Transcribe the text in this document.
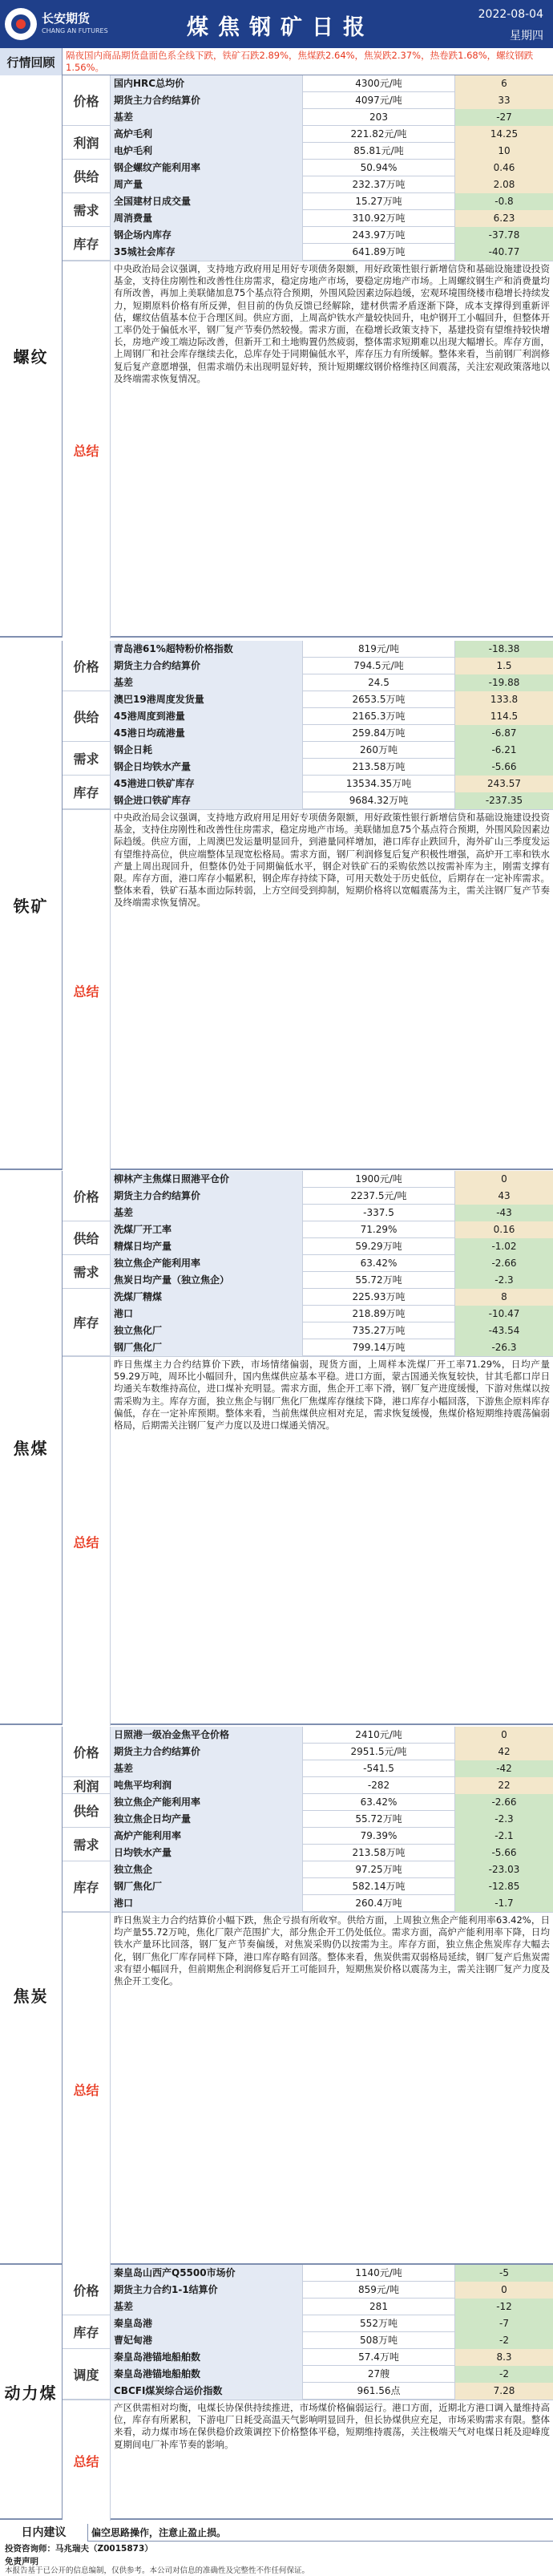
长安期货
CHANG AN FUTURES	煤焦钢矿日报
2022-08-04
星期四
行情回顾	隔夜国内商品期货盘面色系全线下跌，铁矿石跌2.89%，焦煤跌2.64%，焦炭跌2.37%，热卷跌1.68%，螺纹钢跌1.56%。
螺纹
国内HRC总均价	4300元/吨	6
期货主力合约结算价	4097元/吨	33
基差	203	-27
高炉毛利	221.82元/吨	14.25
电炉毛利	85.81元/吨	10
钢企螺纹产能利用率	50.94%	0.46
周产量	232.37万吨	2.08
全国建材日成交量	15.27万吨	-0.8
周消费量	310.92万吨	6.23
钢企场内库存	243.97万吨	-37.78
35城社会库存	641.89万吨	-40.77
价格
利润
供给
需求
库存
总结
中央政治局会议强调，支持地方政府用足用好专项债务限额，用好政策性银行新增信贷和基础设施建设投资基金，支持住房刚性和改善性住房需求，稳定房地产市场，要稳定房地产市场。上周螺纹钢生产和消费量均有所改善，再加上美联储加息75个基点符合预期，外围风险因素边际趋缓，宏观环境围绕楼市稳增长持续发力，短期原料价格有所反弹，但目前的伪负反馈已经解除，建材供需矛盾逐渐下降，成本支撑得到重新评估，螺纹估值基本位于合理区间。供应方面，上周高炉铁水产量较快回升，电炉钢开工小幅回升，但整体开工率仍处于偏低水平，钢厂复产节奏仍然较慢。需求方面，在稳增长政策支持下，基建投资有望维持较快增长，房地产竣工端边际改善，但新开工和土地购置仍然疲弱，整体需求短期难以出现大幅增长。库存方面，上周钢厂和社会库存继续去化，总库存处于同期偏低水平，库存压力有所缓解。整体来看，当前钢厂利润修复后复产意愿增强，但需求端仍未出现明显好转，预计短期螺纹钢价格维持区间震荡，关注宏观政策落地以及终端需求恢复情况。
铁矿
青岛港61%超特粉价格指数	819元/吨	-18.38
期货主力合约结算价	794.5元/吨	1.5
基差	24.5	-19.88
澳巴19港周度发货量	2653.5万吨	133.8
45港周度到港量	2165.3万吨	114.5
45港日均疏港量	259.84万吨	-6.87
钢企日耗	260万吨	-6.21
钢企日均铁水产量	213.58万吨	-5.66
45港进口铁矿库存	13534.35万吨	243.57
钢企进口铁矿库存	9684.32万吨	-237.35
价格
供给
需求
库存
总结
中央政治局会议强调，支持地方政府用足用好专项债务限额，用好政策性银行新增信贷和基础设施建设投资基金，支持住房刚性和改善性住房需求，稳定房地产市场。美联储加息75个基点符合预期，外围风险因素边际趋缓。供应方面，上周澳巴发运量明显回升，到港量同样增加，港口库存止跌回升，海外矿山三季度发运有望维持高位，供应端整体呈现宽松格局。需求方面，钢厂利润修复后复产积极性增强，高炉开工率和铁水产量上周出现回升，但整体仍处于同期偏低水平，钢企对铁矿石的采购依然以按需补库为主，刚需支撑有限。库存方面，港口库存小幅累积，钢企库存持续下降，可用天数处于历史低位，后期存在一定补库需求。整体来看，铁矿石基本面边际转弱，上方空间受到抑制，短期价格将以宽幅震荡为主，需关注钢厂复产节奏及终端需求恢复情况。
焦煤
柳林产主焦煤日照港平仓价	1900元/吨	0
期货主力合约结算价	2237.5元/吨	43
基差	-337.5	-43
洗煤厂开工率	71.29%	0.16
精煤日均产量	59.29万吨	-1.02
独立焦企产能利用率	63.42%	-2.66
焦炭日均产量（独立焦企）	55.72万吨	-2.3
洗煤厂精煤	225.93万吨	8
港口	218.89万吨	-10.47
独立焦化厂	735.27万吨	-43.54
钢厂焦化厂	799.14万吨	-26.3
价格
供给
需求
库存
总结
昨日焦煤主力合约结算价下跌，市场情绪偏弱，现货方面，上周样本洗煤厂开工率71.29%，日均产量59.29万吨，周环比小幅回升，国内焦煤供应基本平稳。进口方面，蒙古国通关恢复较快，甘其毛都口岸日均通关车数维持高位，进口煤补充明显。需求方面，焦企开工率下滑，钢厂复产进度缓慢，下游对焦煤以按需采购为主。库存方面，独立焦企与钢厂焦化厂焦煤库存继续下降，港口库存小幅回落，下游焦企原料库存偏低，存在一定补库预期。整体来看，当前焦煤供应相对充足，需求恢复缓慢，焦煤价格短期维持震荡偏弱格局，后期需关注钢厂复产力度以及进口煤通关情况。
焦炭
日照港一级冶金焦平仓价格	2410元/吨	0
期货主力合约结算价	2951.5元/吨	42
基差	-541.5	-42
吨焦平均利润	-282	22
独立焦企产能利用率	63.42%	-2.66
独立焦企日均产量	55.72万吨	-2.3
高炉产能利用率	79.39%	-2.1
日均铁水产量	213.58万吨	-5.66
独立焦企	97.25万吨	-23.03
钢厂焦化厂	582.14万吨	-12.85
港口	260.4万吨	-1.7
价格
利润
供给
需求
库存
总结
昨日焦炭主力合约结算价小幅下跌，焦企亏损有所收窄。供给方面，上周独立焦企产能利用率63.42%，日均产量55.72万吨，焦化厂限产范围扩大，部分焦企开工仍处低位。需求方面，高炉产能利用率下降，日均铁水产量环比回落，钢厂复产节奏偏缓，对焦炭采购仍以按需为主。库存方面，独立焦企焦炭库存大幅去化，钢厂焦化厂库存同样下降，港口库存略有回落。整体来看，焦炭供需双弱格局延续，钢厂复产后焦炭需求有望小幅回升，但前期焦企利润修复后开工可能回升，短期焦炭价格以震荡为主，需关注钢厂复产力度及焦企开工变化。
动力煤
秦皇岛山西产Q5500市场价	1140元/吨	-5
期货主力合约1-1结算价	859元/吨	0
基差	281	-12
秦皇岛港	552万吨	-7
曹妃甸港	508万吨	-2
秦皇岛港锚地船舶数	57.4万吨	8.3
秦皇岛港锚地船舶数	27艘	-2
CBCFI煤炭综合运价指数	961.56点	7.28
价格
库存
调度
总结
产区供需相对均衡，电煤长协保供持续推进，市场煤价格偏弱运行。港口方面，近期北方港口调入量维持高位，库存有所累积，下游电厂日耗受高温天气影响明显回升，但长协煤供应充足，市场采购需求有限。整体来看，动力煤市场在保供稳价政策调控下价格整体平稳，短期维持震荡，关注极端天气对电煤日耗及迎峰度夏期间电厂补库节奏的影响。
日内建议	偏空思路操作，注意止盈止损。
投资咨询师：马兆瑞夫（Z0015873）
免责声明
本报告基于已公开的信息编制，仅供参考。本公司对信息的准确性及完整性不作任何保证。
